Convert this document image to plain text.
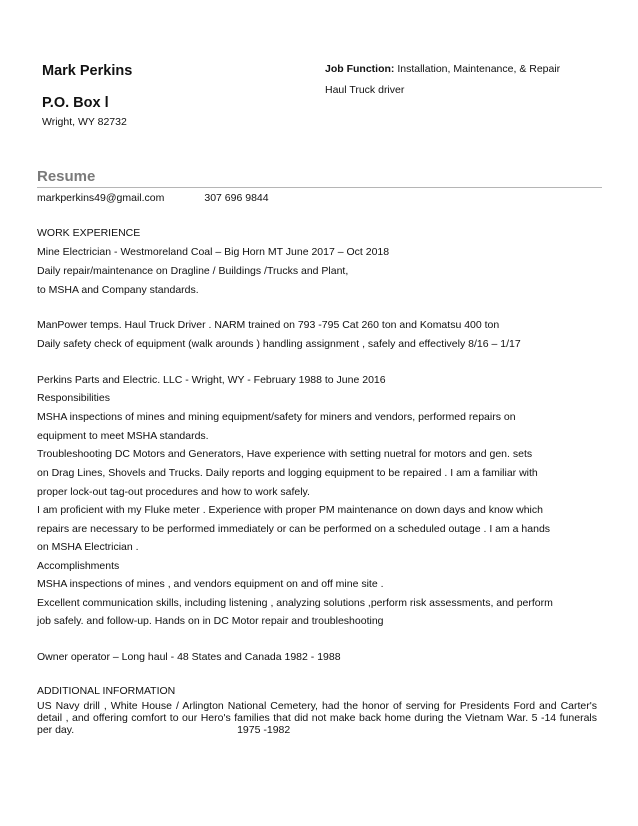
Mark Perkins
P.O. Box l
Wright, WY 82732
Job Function: Installation, Maintenance, & Repair
Haul Truck driver
Resume
markperkins49@gmail.com	307 696 9844
WORK EXPERIENCE
Mine Electrician - Westmoreland Coal – Big Horn MT June 2017 – Oct 2018
Daily repair/maintenance on Dragline / Buildings /Trucks and Plant,
to MSHA and Company standards.
ManPower temps. Haul Truck Driver . NARM trained on 793 -795 Cat 260 ton and Komatsu 400 ton
Daily safety check of equipment (walk arounds ) handling assignment , safely and effectively 8/16 – 1/17
Perkins Parts and Electric. LLC - Wright, WY - February 1988 to June 2016
Responsibilities
MSHA inspections of mines and mining equipment/safety for miners and vendors, performed repairs on
equipment to meet MSHA standards.
Troubleshooting DC Motors and Generators, Have experience with setting nuetral for motors and gen. sets
on Drag Lines, Shovels and Trucks. Daily reports and logging equipment to be repaired . I am a familiar with
proper lock-out tag-out procedures and how to work safely.
I am proficient with my Fluke meter . Experience with proper PM maintenance on down days and know which
repairs are necessary to be performed immediately or can be performed on a scheduled outage . I am a hands
on MSHA Electrician .
Accomplishments
MSHA inspections of mines , and vendors equipment on and off mine site .
Excellent communication skills, including listening , analyzing solutions ,perform risk assessments, and perform
job safely. and follow-up. Hands on in DC Motor repair and troubleshooting
Owner operator – Long haul - 48 States and Canada 1982 - 1988
ADDITIONAL INFORMATION
US Navy drill , White House / Arlington National Cemetery, had the honor of serving for Presidents Ford and Carter's detail , and offering comfort to our Hero's families that did not make back home during the Vietnam War. 5 -14 funerals per day.	1975 -1982
